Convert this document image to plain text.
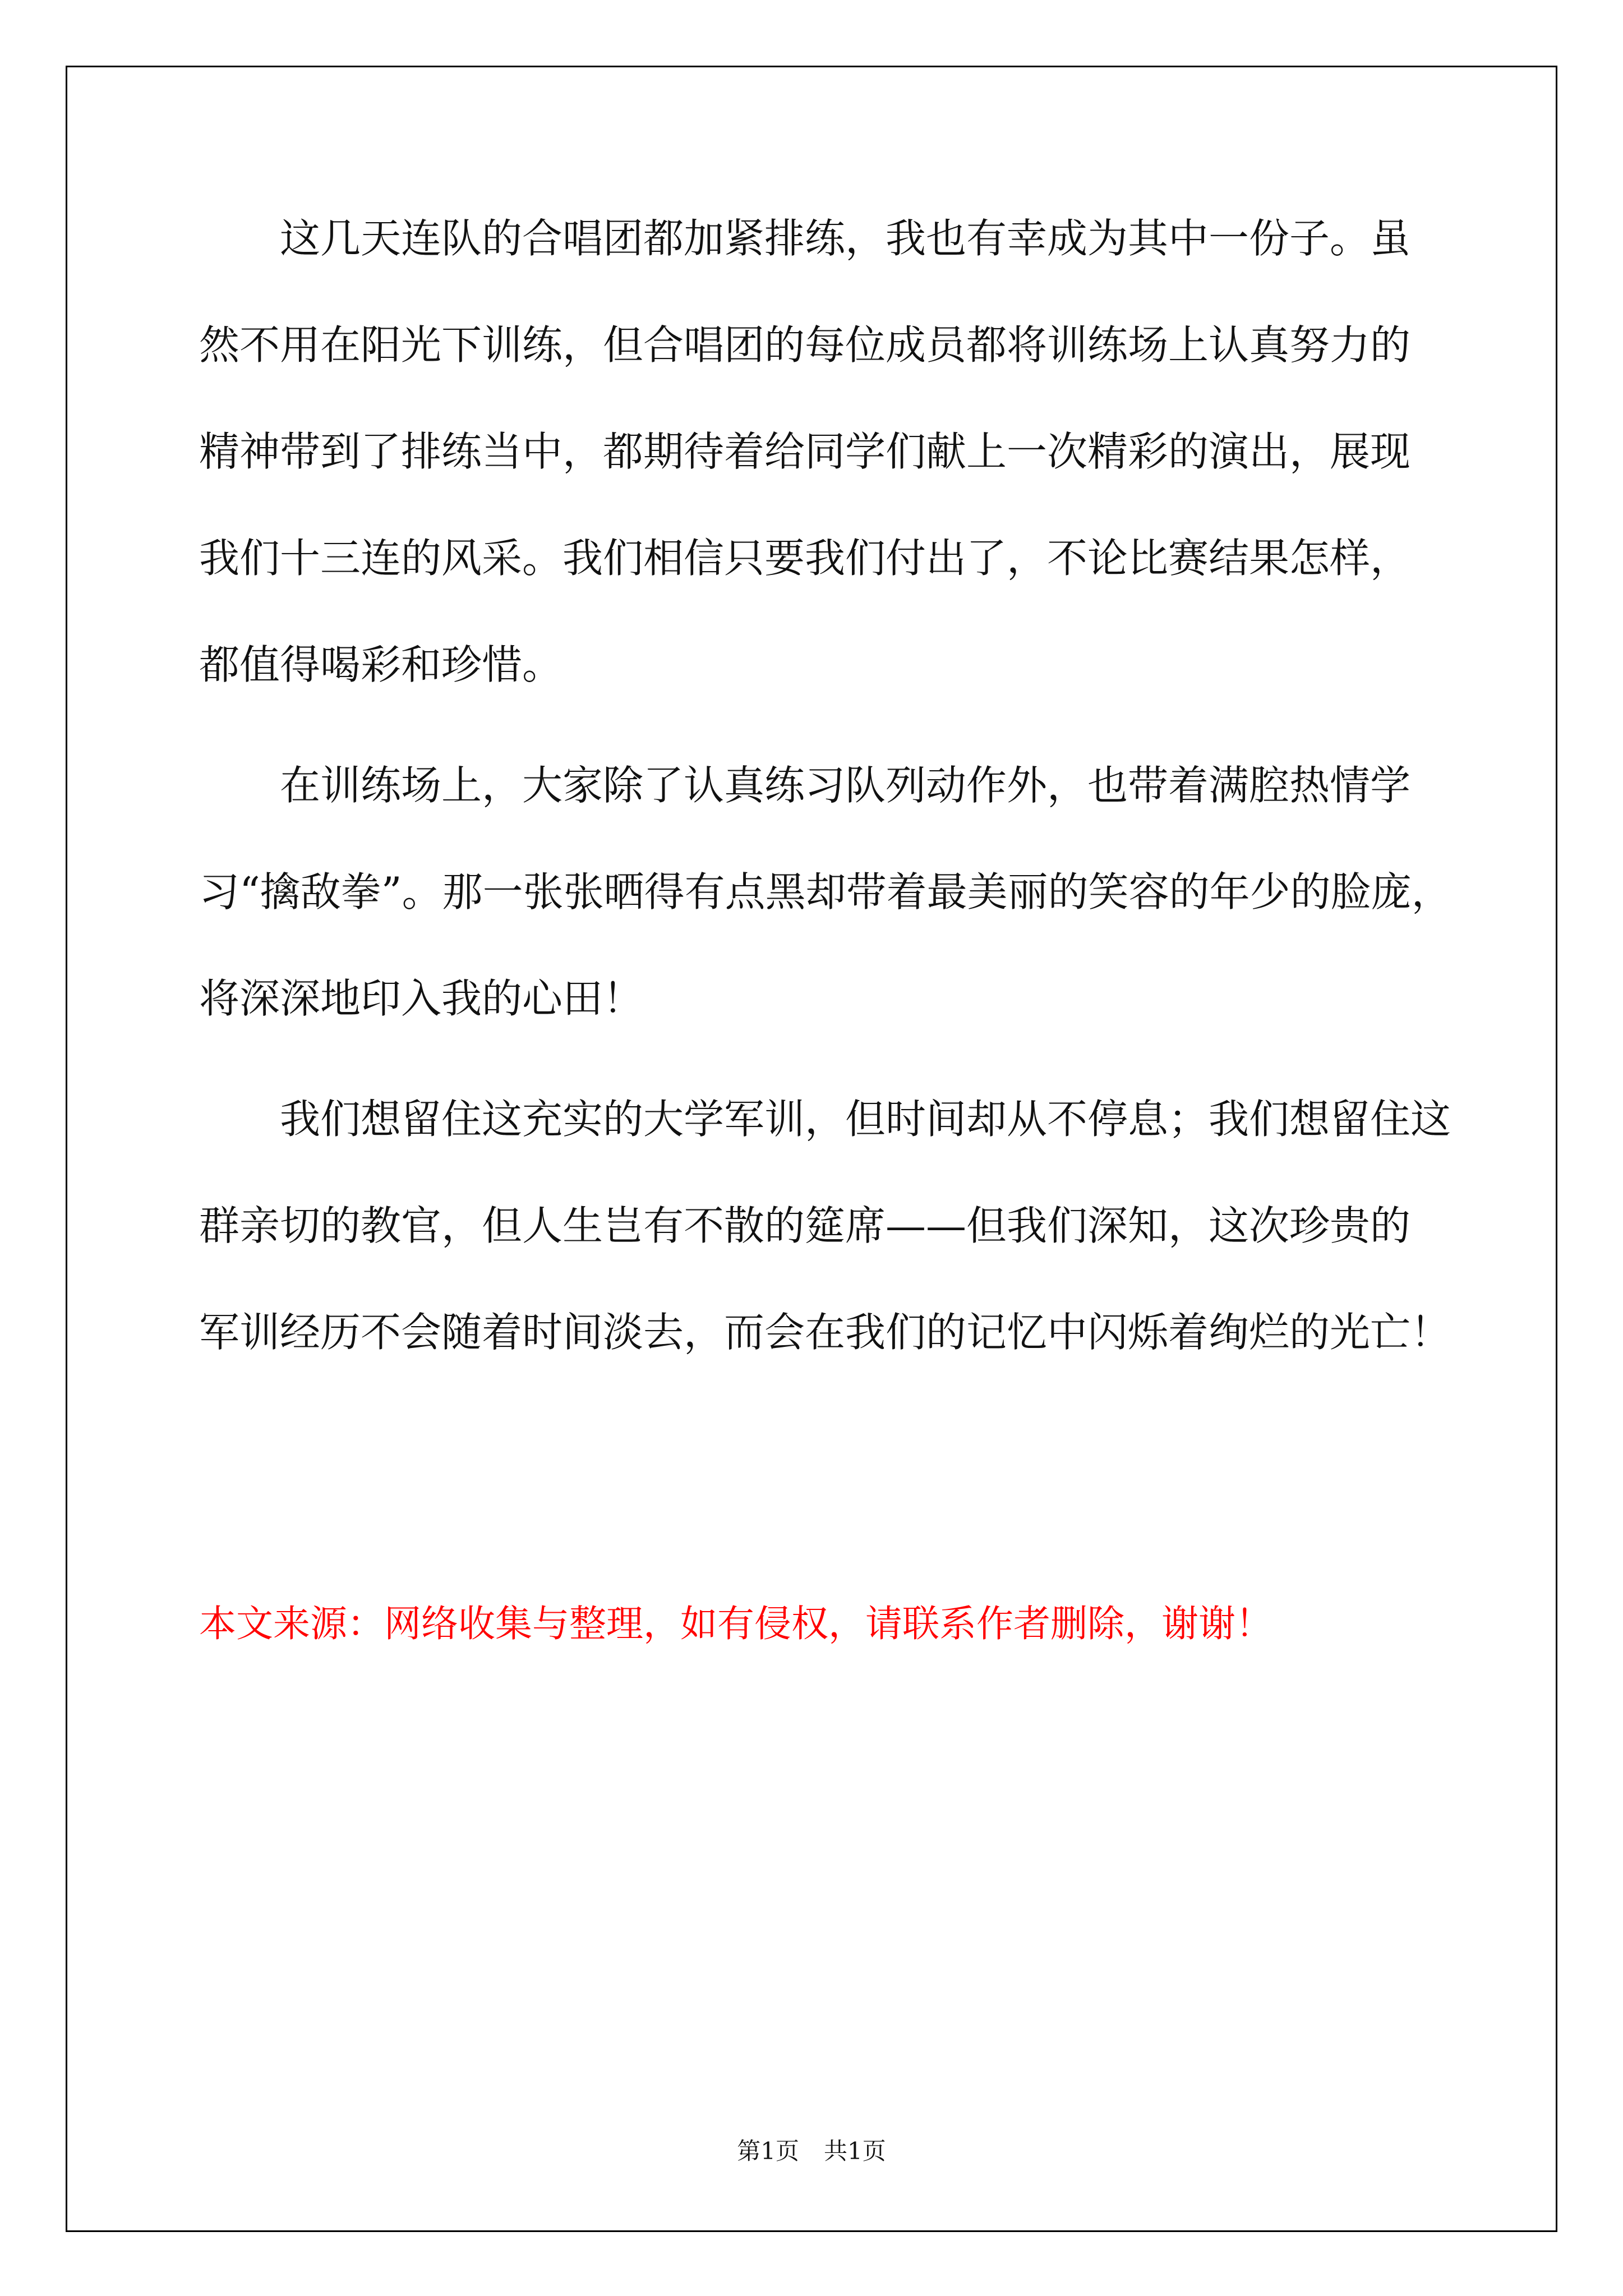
这几天连队的合唱团都加紧排练，我也有幸成为其中一份子。虽
然不用在阳光下训练，但合唱团的每位成员都将训练场上认真努力的
精神带到了排练当中，都期待着给同学们献上一次精彩的演出，展现
我们十三连的风采。我们相信只要我们付出了，不论比赛结果怎样，
都值得喝彩和珍惜。

在训练场上，大家除了认真练习队列动作外，也带着满腔热情学
习“擒敌拳”。那一张张晒得有点黑却带着最美丽的笑容的年少的脸庞，
将深深地印入我的心田！

我们想留住这充实的大学军训，但时间却从不停息；我们想留住这
群亲切的教官，但人生岂有不散的筵席——但我们深知，这次珍贵的
军训经历不会随着时间淡去，而会在我们的记忆中闪烁着绚烂的光亡！

本文来源：网络收集与整理，如有侵权，请联系作者删除，谢谢！
第1页 共1页
